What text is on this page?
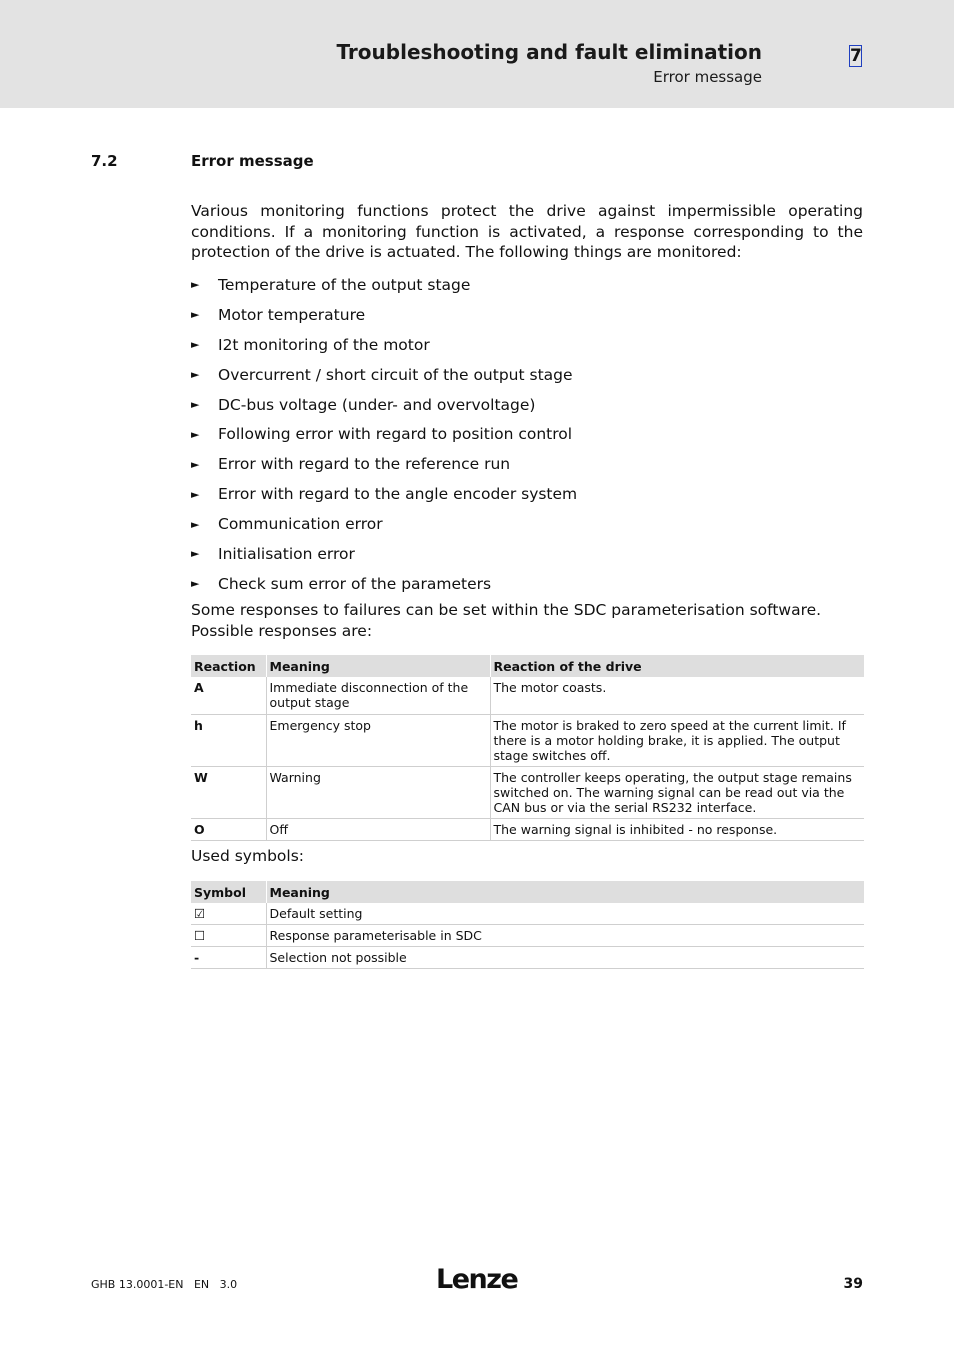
Troubleshooting and fault elimination
Error message
7
7.2	Error message
Various monitoring functions protect the drive against impermissible operating conditions. If a monitoring function is activated, a response corresponding to the protection of the drive is actuated. The following things are monitored:
►	Temperature of the output stage
►	Motor temperature
►	I2t monitoring of the motor
►	Overcurrent / short circuit of the output stage
►	DC-bus voltage (under- and overvoltage)
►	Following error with regard to position control
►	Error with regard to the reference run
►	Error with regard to the angle encoder system
►	Communication error
►	Initialisation error
►	Check sum error of the parameters
Some responses to failures can be set within the SDC parameterisation software. Possible responses are:
Reaction	Meaning	Reaction of the drive
A	Immediate disconnection of the output stage	The motor coasts.
h	Emergency stop	The motor is braked to zero speed at the current limit. If there is a motor holding brake, it is applied. The output stage switches off.
W	Warning	The controller keeps operating, the output stage remains switched on. The warning signal can be read out via the CAN bus or via the serial RS232 interface.
O	Off	The warning signal is inhibited - no response.
Used symbols:
Symbol	Meaning
☑	Default setting
☐	Response parameterisable in SDC
-	Selection not possible
GHB 13.0001-EN   EN   3.0	Lenze	39
